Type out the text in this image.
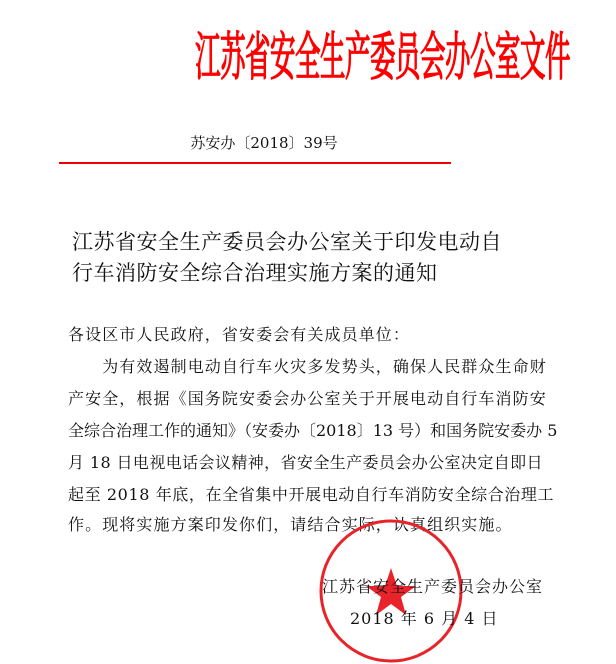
江苏省安全生产委员会办公室文件
苏安办〔2018〕39号
江苏省安全生产委员会办公室关于印发电动自
行车消防安全综合治理实施方案的通知
各设区市人民政府，省安委会有关成员单位：
　　为有效遏制电动自行车火灾多发势头，确保人民群众生命财
产安全，根据《国务院安委会办公室关于开展电动自行车消防安
全综合治理工作的通知》（安委办〔2018〕13 号）和国务院安委办 5
月 18 日电视电话会议精神，省安全生产委员会办公室决定自即日
起至 2018 年底，在全省集中开展电动自行车消防安全综合治理工
作。现将实施方案印发你们，请结合实际，认真组织实施。
江苏省安全生产委员会办公室
2018 年 6 月 4 日
